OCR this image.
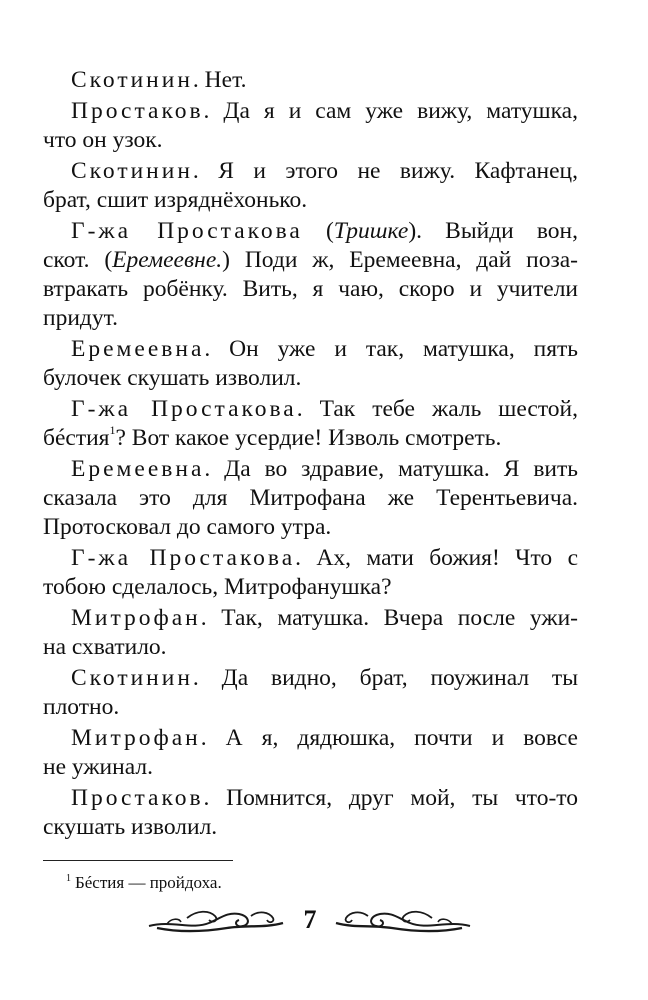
Скотинин. Нет.
Простаков. Да я и сам уже вижу, матушка,
что он узок.
Скотинин. Я и этого не вижу. Кафтанец,
брат, сшит изряднёхонько.
Г-жа Простакова (Тришке). Выйди вон,
скот. (Еремеевне.) Поди ж, Еремеевна, дай поза-
втракать робёнку. Вить, я чаю, скоро и учители
придут.
Еремеевна. Он уже и так, матушка, пять
булочек скушать изволил.
Г-жа Простакова. Так тебе жаль шестой,
бéстия$^1$? Вот какое усердие! Изволь смотреть.
Еремеевна. Да во здравие, матушка. Я вить
сказала это для Митрофана же Терентьевича.
Протосковал до самого утра.
Г-жа Простакова. Ах, мати божия! Что с
тобою сделалось, Митрофанушка?
Митрофан. Так, матушка. Вчера после ужи-
на схватило.
Скотинин. Да видно, брат, поужинал ты
плотно.
Митрофан. А я, дядюшка, почти и вовсе
не ужинал.
Простаков. Помнится, друг мой, ты что-то
скушать изволил.
$^1$ Бéстия — пройдоха.
7
